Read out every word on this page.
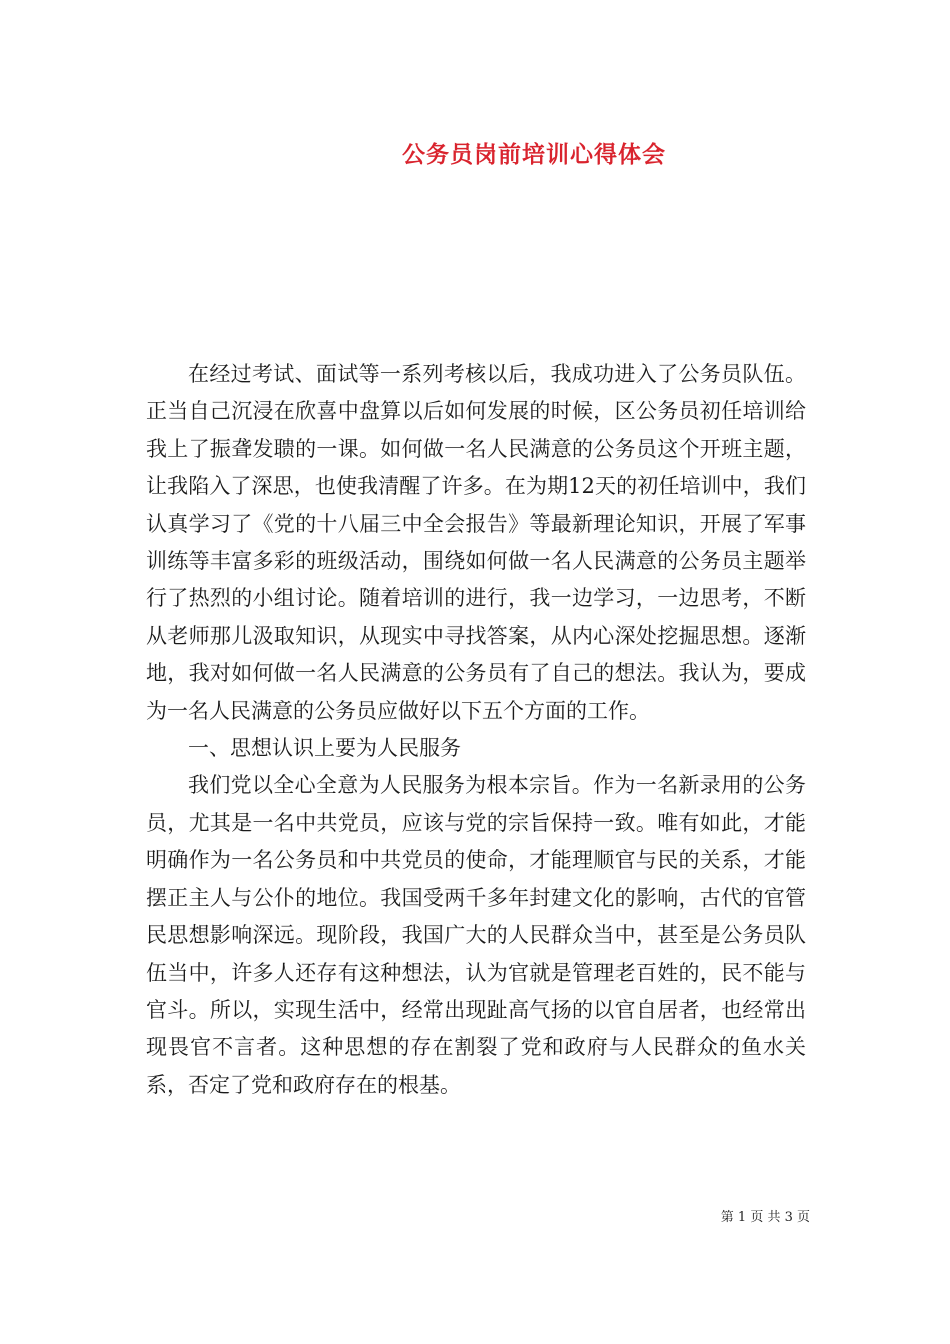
公务员岗前培训心得体会

在经过考试、面试等一系列考核以后，我成功进入了公务员队伍。正当自己沉浸在欣喜中盘算以后如何发展的时候，区公务员初任培训给我上了振聋发聩的一课。如何做一名人民满意的公务员这个开班主题，让我陷入了深思，也使我清醒了许多。在为期12天的初任培训中，我们认真学习了《党的十八届三中全会报告》等最新理论知识，开展了军事训练等丰富多彩的班级活动，围绕如何做一名人民满意的公务员主题举行了热烈的小组讨论。随着培训的进行，我一边学习，一边思考，不断从老师那儿汲取知识，从现实中寻找答案，从内心深处挖掘思想。逐渐地，我对如何做一名人民满意的公务员有了自己的想法。我认为，要成为一名人民满意的公务员应做好以下五个方面的工作。

一、思想认识上要为人民服务

我们党以全心全意为人民服务为根本宗旨。作为一名新录用的公务员，尤其是一名中共党员，应该与党的宗旨保持一致。唯有如此，才能明确作为一名公务员和中共党员的使命，才能理顺官与民的关系，才能摆正主人与公仆的地位。我国受两千多年封建文化的影响，古代的官管民思想影响深远。现阶段，我国广大的人民群众当中，甚至是公务员队伍当中，许多人还存有这种想法，认为官就是管理老百姓的，民不能与官斗。所以，实现生活中，经常出现趾高气扬的以官自居者，也经常出现畏官不言者。这种思想的存在割裂了党和政府与人民群众的鱼水关系，否定了党和政府存在的根基。

第 1 页 共 3 页
